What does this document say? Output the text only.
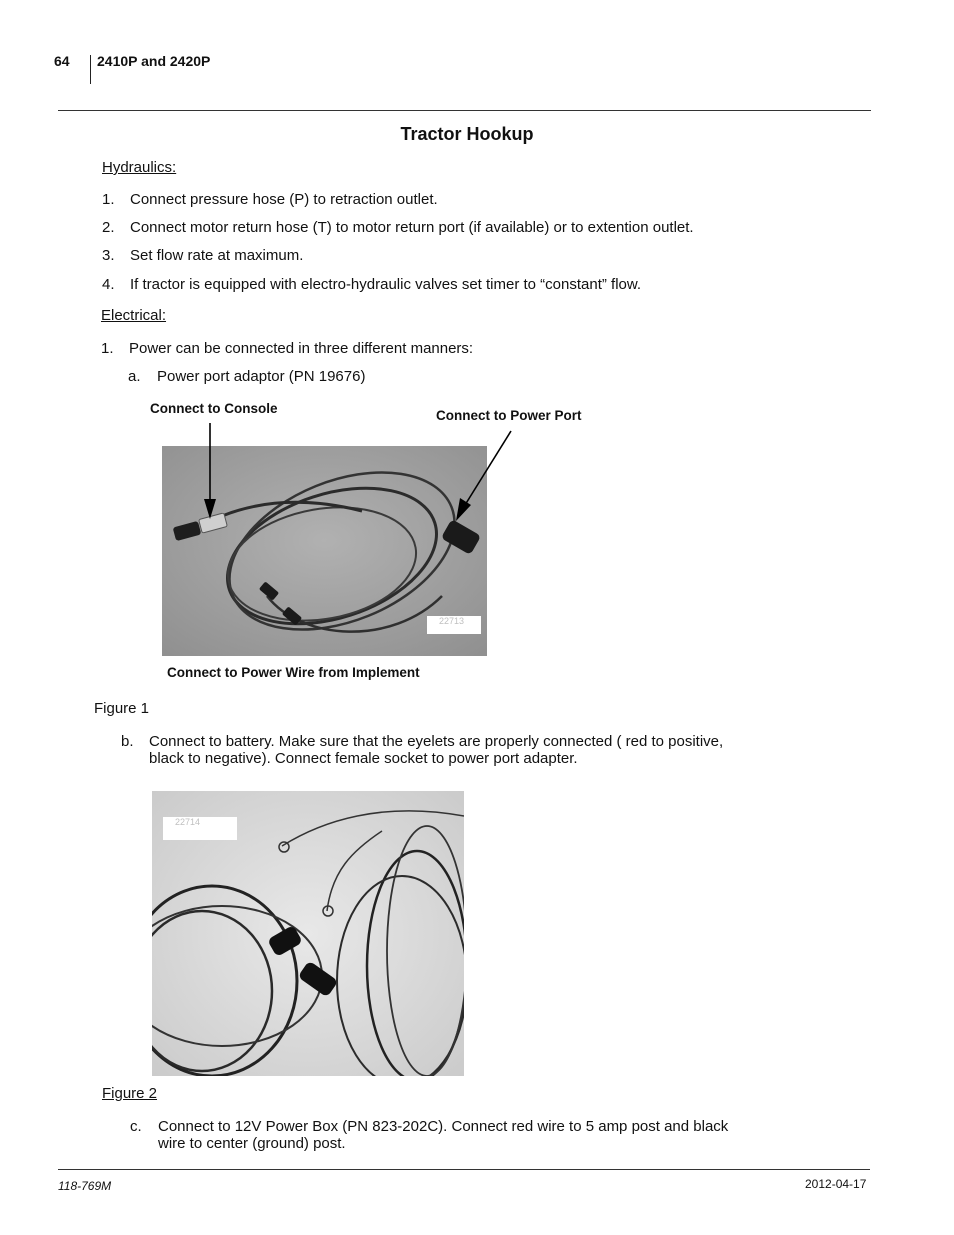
64 2410P and 2420P
Tractor Hookup
Hydraulics:
1.	Connect pressure hose (P) to retraction outlet.
2.	Connect motor return hose (T) to motor return port (if available) or to extention outlet.
3.	Set flow rate at maximum.
4.	If tractor is equipped with electro-hydraulic valves set timer to “constant” flow.
Electrical:
1.	Power can be connected in three different manners:
a. Power port adaptor (PN 19676)
Connect to Console	Connect to Power Port
22713
Connect to Power Wire from Implement
Figure 1
b. Connect to battery. Make sure that the eyelets are properly connected ( red to positive,
black to negative). Connect female socket to power port adapter.
22714
Figure 2
c. Connect to 12V Power Box (PN 823-202C). Connect red wire to 5 amp post and black
wire to center (ground) post.
118-769M	2012-04-17
